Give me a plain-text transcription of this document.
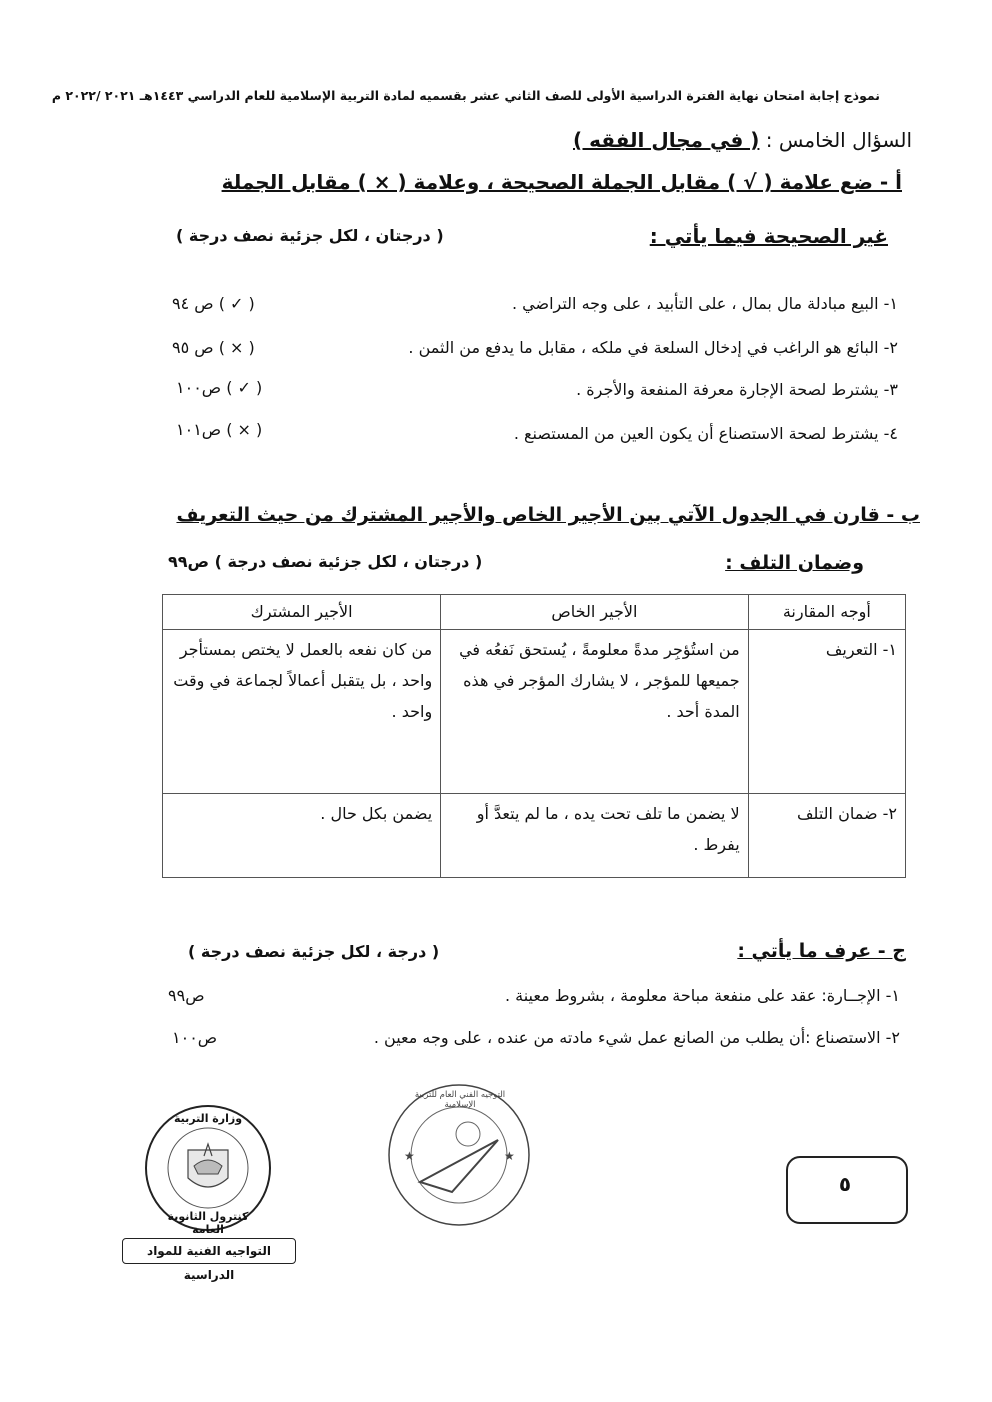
نموذج إجابة امتحان نهاية الفترة الدراسية الأولى للصف الثاني عشر بقسميه لمادة التربية الإسلامية للعام الدراسي ١٤٤٣هـ ٢٠٢١ /٢٠٢٢ م
السؤال الخامس : ( في مجال الفقه )
أ - ضع علامة ( √ ) مقابل الجملة الصحيحة ، وعلامة ( × ) مقابل الجملة
غير الصحيحة فيما يأتي :
( درجتان ، لكل جزئية نصف درجة )
١- البيع مبادلة مال بمال ، على التأبيد ، على وجه التراضي .
( ✓ ) ص ٩٤
٢- البائع هو الراغب في إدخال السلعة في ملكه ، مقابل ما يدفع من الثمن .
( × ) ص ٩٥
٣- يشترط لصحة الإجارة معرفة المنفعة والأجرة .
( ✓ ) ص١٠٠
٤- يشترط لصحة الاستصناع أن يكون العين من المستصنع .
( × ) ص١٠١
ب - قارن في الجدول الآتي بين الأجير الخاص والأجير المشترك من حيث التعريف
وضمان التلف :
( درجتان ، لكل جزئية نصف درجة ) ص٩٩
أوجه المقارنة	الأجير الخاص	الأجير المشترك
١- التعريف	من استُؤجِر مدةً معلومةً ، يُستحق نَفعُه في جميعها للمؤجر ، لا يشارك المؤجر في هذه المدة أحد .	من كان نفعه بالعمل لا يختص بمستأجر واحد ، بل يتقبل أعمالاً لجماعة في وقت واحد .
٢- ضمان التلف	لا يضمن ما تلف تحت يده ، ما لم يتعدَّ أو يفرط .	يضمن بكل حال .
ج - عرف ما يأتي :
( درجة ، لكل جزئية نصف درجة )
١- الإجــارة: عقد على منفعة مباحة معلومة ، بشروط معينة .
ص٩٩
٢- الاستصناع :أن يطلب من الصانع عمل شيء مادته من عنده ، على وجه معين .
ص١٠٠
وزارة التربية
كنترول الثانوية العامة
التواجيه الفنية للمواد الدراسية
★	★
التوجيه الفني العام للتربية الإسلامية
٥
